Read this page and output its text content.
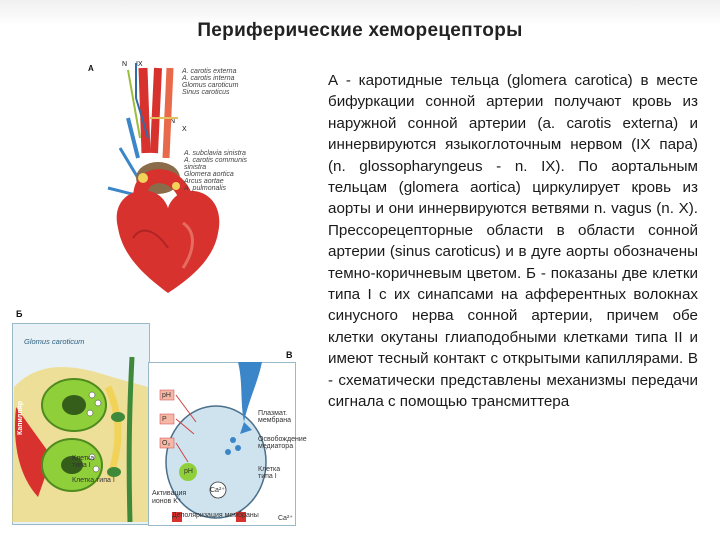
Периферические хеморецепторы
А	N IX
N
X
A. carotis externa
A. carotis interna
Glomus caroticum
Sinus caroticus
A. subclavia sinistra
A. carotis communis
sinistra
Glomera aortica
Arcus aortae
A. pulmonalis
Б
Glomus caroticum
Капилляр
Клетка типа I
Клетка типа I
В
pH
P
O₂
pH
Ca²⁺
Плазмат. мембрана
Освобождение медиатора
Клетка типа I
Активация ионов K⁺
Деполяризация мембраны	Ca²⁺
А - каротидные тельца (glomera carotica) в месте бифуркации сонной артерии получают кровь из наружной сонной артерии (а. carotis externa) и иннервируются языкоглоточным нервом (IX пара) (n. glossopharyngeus - n. IX). По аортальным тельцам (glomera aortica) циркулирует кровь из аорты и они иннервируются ветвями n. vagus (n. X). Прессорецепторные области в области сонной артерии (sinus caroticus) и в дуге аорты обозначены темно-коричневым цветом. Б - показаны две клетки типа I с их синапсами на афферентных волокнах синусного нерва сонной артерии, причем обе клетки окутаны глиаподобными клетками типа II и имеют тесный контакт с открытыми капиллярами. В - схематически представлены механизмы передачи сигнала с помощью трансмиттера
